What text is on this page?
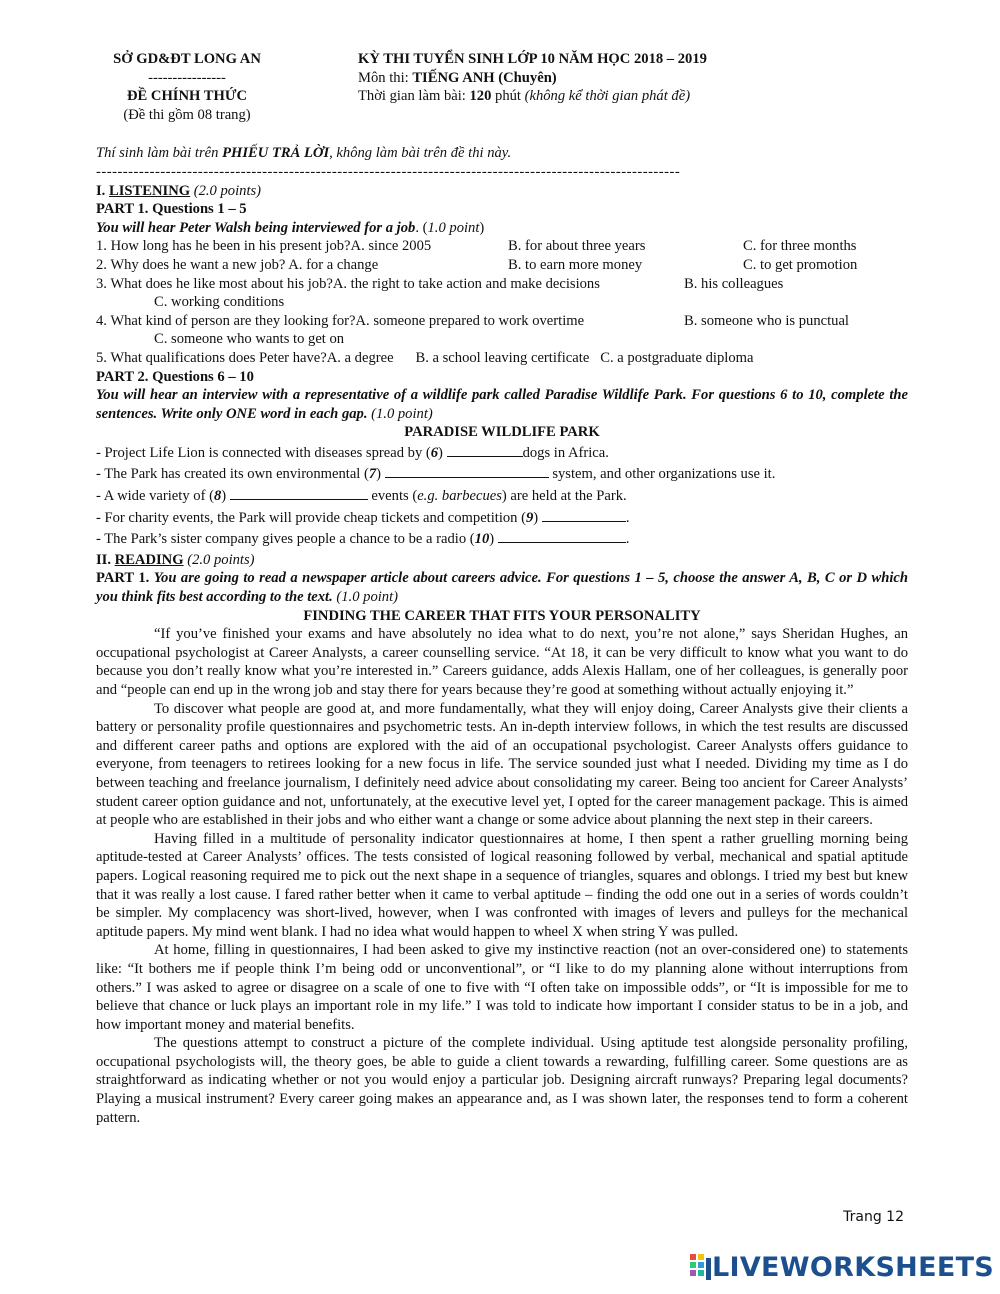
SỞ GD&ĐT LONG AN
----------------
ĐỀ CHÍNH THỨC
(Đề thi gồm 08 trang)
KỲ THI TUYỂN SINH LỚP 10 NĂM HỌC 2018 – 2019
Môn thi: TIẾNG ANH (Chuyên)
Thời gian làm bài: 120 phút (không kể thời gian phát đề)
Thí sinh làm bài trên PHIẾU TRẢ LỜI, không làm bài trên đề thi này.
-------------------------------------------------------------------------------------------------------------
I. LISTENING (2.0 points)
PART 1. Questions 1 – 5
You will hear Peter Walsh being interviewed for a job. (1.0 point)
1. How long has he been in his present job?A. since 2005	B. for about three years	C. for three months
2. Why does he want a new job? A. for a change	B. to earn more money	C. to get promotion
3. What does he like most about his job?A. the right to take action and make decisions	B. his colleagues
C. working conditions
4. What kind of person are they looking for?A. someone prepared to work overtime	B. someone who is punctual
C. someone who wants to get on
5. What qualifications does Peter have?A. a degree      B. a school leaving certificate   C. a postgraduate diploma
PART 2. Questions 6 – 10
You will hear an interview with a representative of a wildlife park called Paradise Wildlife Park. For questions 6 to 10, complete the sentences. Write only ONE word in each gap. (1.0 point)
PARADISE WILDLIFE PARK
- Project Life Lion is connected with diseases spread by (6)	dogs in Africa.
- The Park has created its own environmental (7)	system, and other organizations use it.
- A wide variety of (8)	events (e.g. barbecues) are held at the Park.
- For charity events, the Park will provide cheap tickets and competition (9)	.
- The Park’s sister company gives people a chance to be a radio (10)	.
II. READING (2.0 points)
PART 1. You are going to read a newspaper article about careers advice. For questions 1 – 5, choose the answer A, B, C or D which you think fits best according to the text. (1.0 point)
FINDING THE CAREER THAT FITS YOUR PERSONALITY

“If you’ve finished your exams and have absolutely no idea what to do next, you’re not alone,” says Sheridan Hughes, an occupational psychologist at Career Analysts, a career counselling service. “At 18, it can be very difficult to know what you want to do because you don’t really know what you’re interested in.” Careers guidance, adds Alexis Hallam, one of her colleagues, is generally poor and “people can end up in the wrong job and stay there for years because they’re good at something without actually enjoying it.”

To discover what people are good at, and more fundamentally, what they will enjoy doing, Career Analysts give their clients a battery or personality profile questionnaires and psychometric tests. An in-depth interview follows, in which the test results are discussed and different career paths and options are explored with the aid of an occupational psychologist. Career Analysts offers guidance to everyone, from teenagers to retirees looking for a new focus in life. The service sounded just what I needed. Dividing my time as I do between teaching and freelance journalism, I definitely need advice about consolidating my career. Being too ancient for Career Analysts’ student career option guidance and not, unfortunately, at the executive level yet, I opted for the career management package. This is aimed at people who are established in their jobs and who either want a change or some advice about planning the next step in their careers.

Having filled in a multitude of personality indicator questionnaires at home, I then spent a rather gruelling morning being aptitude-tested at Career Analysts’ offices. The tests consisted of logical reasoning followed by verbal, mechanical and spatial aptitude papers. Logical reasoning required me to pick out the next shape in a sequence of triangles, squares and oblongs. I tried my best but knew that it was really a lost cause. I fared rather better when it came to verbal aptitude – finding the odd one out in a series of words couldn’t be simpler. My complacency was short-lived, however, when I was confronted with images of levers and pulleys for the mechanical aptitude papers. My mind went blank. I had no idea what would happen to wheel X when string Y was pulled.

At home, filling in questionnaires, I had been asked to give my instinctive reaction (not an over-considered one) to statements like: “It bothers me if people think I’m being odd or unconventional”, or “I like to do my planning alone without interruptions from others.” I was asked to agree or disagree on a scale of one to five with “I often take on impossible odds”, or “It is impossible for me to believe that chance or luck plays an important role in my life.” I was told to indicate how important I consider status to be in a job, and how important money and material benefits.

The questions attempt to construct a picture of the complete individual. Using aptitude test alongside personality profiling, occupational psychologists will, the theory goes, be able to guide a client towards a rewarding, fulfilling career. Some questions are as straightforward as indicating whether or not you would enjoy a particular job. Designing aircraft runways? Preparing legal documents? Playing a musical instrument? Every career going makes an appearance and, as I was shown later, the responses tend to form a coherent pattern.

Trang 12
LIVEWORKSHEETS
